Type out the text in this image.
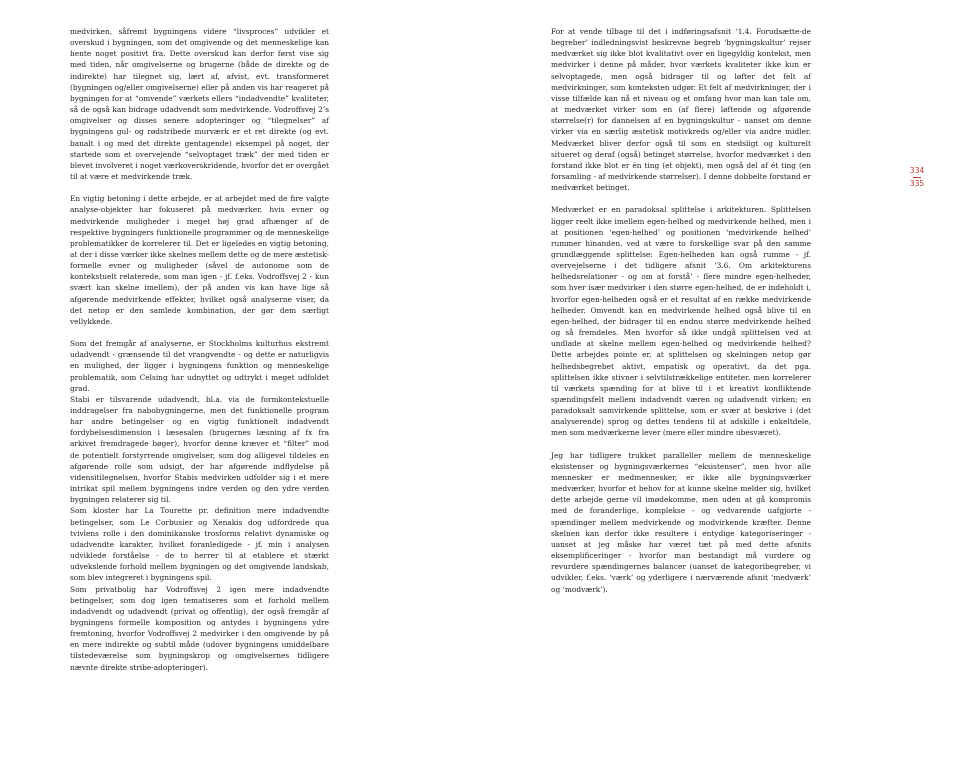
medvirken, såfremt bygningens videre “livsproces” udvikler et overskud i bygningen, som det omgivende og det menneskelige kan hente noget positivt fra. Dette overskud kan derfor først vise sig med tiden, når omgivelserne og brugerne (både de direkte og de indirekte) har tilegnet sig, lært af, afvist, evt. transformeret (bygningen og/eller omgivelserne) eller på anden vis har reageret på bygningen for at “omvende” værkets ellers “indadvendte” kvaliteter, så de også kan bidrage udadvendt som medvirkende. Vodroffsvej 2’s omgivelser og disses senere adopteringer og “tilegnelser” af bygningens gul- og rødstribede murværk er et ret direkte (og evt. banalt i og med det direkte gentagende) eksempel på noget, der startede som et overvejende “selvoptaget træk” der med tiden er blevet involveret i noget værkoverskridende, hvorfor det er overgået til at være et medvirkende træk.

En vigtig betoning i dette arbejde, er at arbejdet med de fire valgte analyse-objekter har fokuseret på medværker, hvis evner og medvirkende muligheder i meget høj grad afhænger af de respektive bygningers funktionelle programmer og de menneskelige problematikker de korrelerer til. Det er ligeledes en vigtig betoning, at der i disse værker ikke skelnes mellem dette og de mere æstetisk-formelle evner og muligheder (såvel de autonome som de kontekstuelt relaterede, som man igen - jf. f.eks. Vodroffsvej 2 - kun svært kan skelne imellem), der på anden vis kan have lige så afgørende medvirkende effekter, hvilket også analyserne viser, da det netop er den samlede kombination, der gør dem særligt vellykkede.

Som det fremgår af analyserne, er Stockholms kulturhus ekstremt udadvendt - grænsende til det vrangvendte - og dette er naturligvis en mulighed, der ligger i bygningens funktion og menneskelige problematik, som Celsing har udnyttet og udtrykt i meget udfoldet grad.

Stabi er tilsvarende udadvendt, bl.a. via de formkontekstuelle inddragelser fra nabobygningerne, men det funktionelle program har andre betingelser og en vigtig funktionelt indadvendt fordybelsesdimension i læsesalen (brugernes læsning af fx fra arkivet fremdragede bøger), hvorfor denne kræver et “filter” mod de potentielt forstyrrende omgivelser, som dog alligevel tildeles en afgørende rolle som udsigt, der har afgørende indflydelse på vidensitilegnelsen, hvorfor Stabis medvirken udfolder sig i et mere intrikat spil mellem bygningens indre verden og den ydre verden bygningen relaterer sig til.

Som kloster har La Tourette pr. definition mere indadvendte betingelser, som Le Corbusier og Xenakis dog udfordrede qua tvivlens rolle i den dominikanske trosforms relativt dynamiske og udadvendte karakter, hvilket foranledigede - jf. min i analysen udviklede forståelse - de to herrer til at etablere et stærkt udvekslende forhold mellem bygningen og det omgivende landskab, som blev integreret i bygningens spil.

Som privatbolig har Vodroffsvej 2 igen mere indadvendte betingelser, som dog igen tematiseres som et forhold mellem indadvendt og udadvendt (privat og offentlig), der også fremgår af bygningens formelle komposition og antydes i bygningens ydre fremtoning, hvorfor Vodroffsvej 2 medvirker i den omgivende by på en mere indirekte og subtil måde (udover bygningens umiddelbare tilstedeværelse som bygningskrop og omgivelsernes tidligere nævnte direkte stribe-adopteringer).

For at vende tilbage til det i indføringsafsnit ‘1.4. Forudsætte-de begreber’ indledningsvist beskrevne begreb ‘bygningskultur’ rejser medværket sig ikke blot kvalitativt over en ligegyldig kontekst, men medvirker i denne på måder, hvor værkets kvaliteter ikke kun er selvoptagede, men også bidrager til og løfter det felt af medvirkninger, som konteksten udgør. Et felt af medvirkninger, der i visse tilfælde kan nå et niveau og et omfang hvor man kan tale om, at medværket virker som en (af flere) løftende og afgørende størrelse(r) for dannelsen af en bygningskultur - uanset om denne virker via en særlig æstetisk motivkreds og/eller via andre midler. Medværket bliver derfor også til som en stedsligt og kulturelt situeret og deraf (også) betinget størrelse, hvorfor medværket i den forstand ikke blot er én ting (et objekt), men også del af ét ting (en forsamling - af medvirkende størrelser). I denne dobbelte forstand er medværket betinget.

Medværket er en paradoksal splittelse i arkitekturen. Splittelsen ligger reelt ikke imellem egen-helhed og medvirkende helhed, men i at positionen ‘egen-helhed’ og positionen ‘medvirkende helhed’ rummer hinanden, ved at være to forskellige svar på den samme grundlæggende splittelse: Egen-helheden kan også rumme - jf. overvejelserne i det tidligere afsnit ‘3.6. Om arkitekturens helhedsrelationer - og om at forstå’ - flere mindre egen-helheder, som hver især medvirker i den større egen-helhed, de er indeholdt i, hvorfor egen-helheden også er et resultat af en række medvirkende helheder. Omvendt kan en medvirkende helhed også blive til en egen-helhed, der bidrager til en endnu større medvirkende helhed og så fremdeles. Men hvorfor så ikke undgå splittelsen ved at undlade at skelne mellem egen-helhed og medvirkende helhed? Dette arbejdes pointe er, at splittelsen og skelningen netop gør helhedsbegrebet aktivt, empatisk og operativt, da det pga. splittelsen ikke stivner i selvtilstrækkelige entiteter, men korrelerer til værkets spænding for at blive til i et kreativt konfliktende spændingsfelt mellem indadvendt væren og udadvendt virken; en paradoksalt samvirkende splittelse, som er svær at beskrive i (det analyserende) sprog og dettes tendens til at adskille i enkeltdele, men som medværkerne lever (mere eller mindre ubesværet).

Jeg har tidligere trukket paralleller mellem de menneskelige eksistenser og bygningsværkernes “eksistenser”, men hvor alle mennesker er medmennesker, er ikke alle bygningsværker medværker, hvorfor et behov for at kunne skelne melder sig, hvilket dette arbejde gerne vil imødekomme, men uden at gå kompromis med de foranderlige, komplekse - og vedvarende uafgjorte - spændinger mellem medvirkende og modvirkende kræfter. Denne skelnen kan derfor ikke resultere i entydige kategoriseringer - uanset at jeg måske har været tæt på med dette afsnits eksemplificeringer - hvorfor man bestandigt må vurdere og revurdere spændingernes balancer (uanset de kategoribegreber, vi udvikler, f.eks. ‘værk’ og yderligere i nærværende afsnit ‘medværk’ og ‘modværk’).

334
335
